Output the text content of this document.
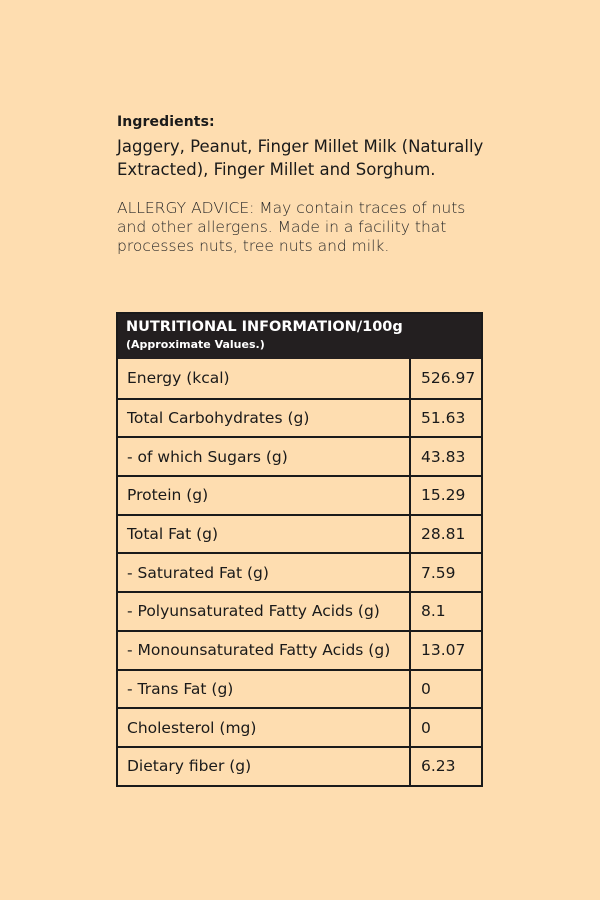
Ingredients:
Jaggery, Peanut, Finger Millet Milk (Naturally Extracted), Finger Millet and Sorghum.
ALLERGY ADVICE: May contain traces of nuts and other allergens. Made in a facility that processes nuts, tree nuts and milk.
NUTRITIONAL INFORMATION/100g
(Approximate Values.)
Energy (kcal)	526.97
Total Carbohydrates (g)	51.63
- of which Sugars (g)	43.83
Protein (g)	15.29
Total Fat (g)	28.81
- Saturated Fat (g)	7.59
- Polyunsaturated Fatty Acids (g)	8.1
- Monounsaturated Fatty Acids (g)	13.07
- Trans Fat (g)	0
Cholesterol (mg)	0
Dietary fiber (g)	6.23
